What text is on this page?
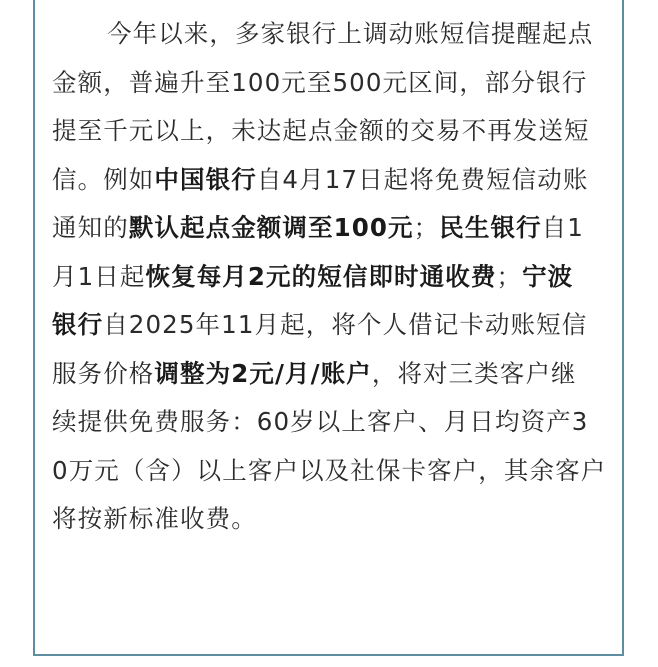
今年以来，多家银行上调动账短信提醒起点
金额，普遍升至100元至500元区间，部分银行
提至千元以上，未达起点金额的交易不再发送短
信。例如中国银行自4月17日起将免费短信动账
通知的默认起点金额调至100元；民生银行自1
月1日起恢复每月2元的短信即时通收费；宁波
银行自2025年11月起，将个人借记卡动账短信
服务价格调整为2元/月/账户，将对三类客户继
续提供免费服务：60岁以上客户、月日均资产3
0万元（含）以上客户以及社保卡客户，其余客户
将按新标准收费。
